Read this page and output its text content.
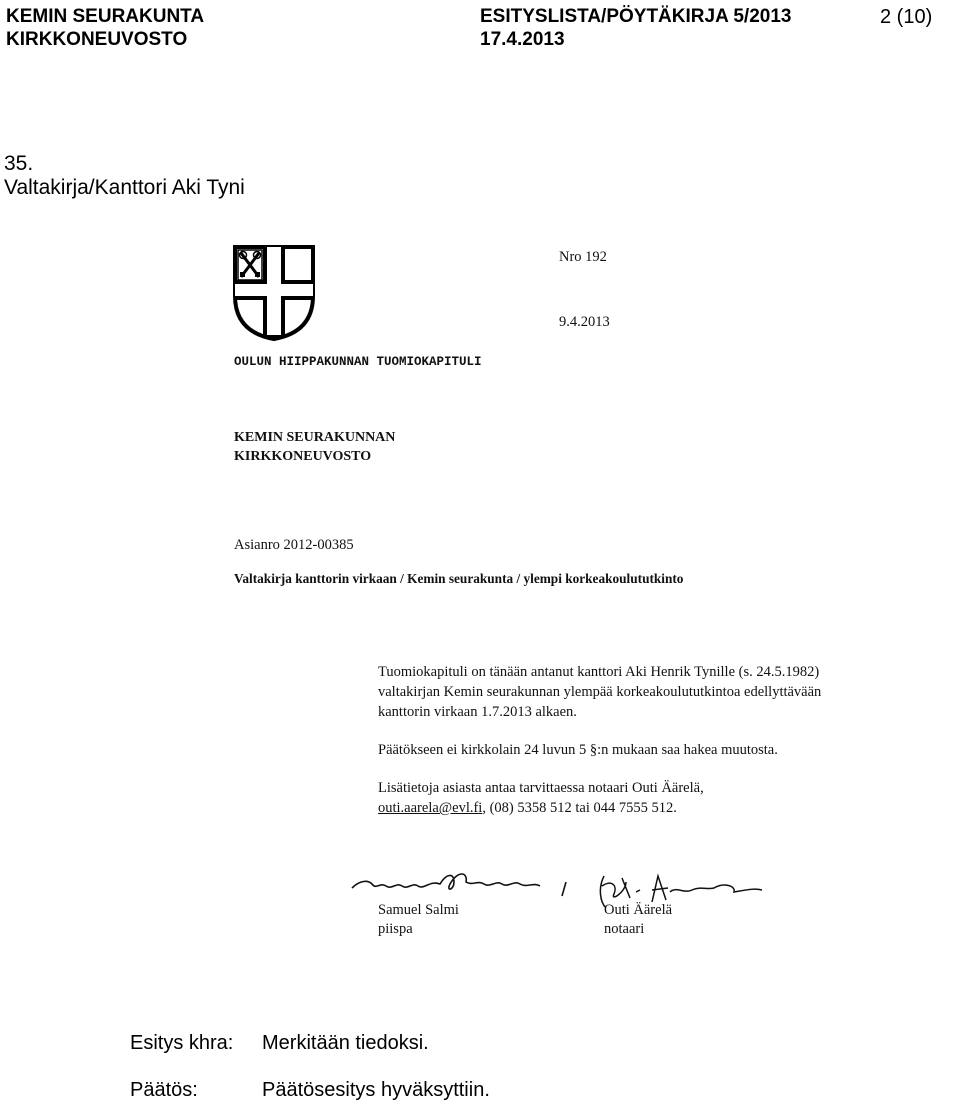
KEMIN SEURAKUNTA
KIRKKONEUVOSTO
ESITYSLISTA/PÖYTÄKIRJA 5/2013
17.4.2013
2 (10)
35.
Valtakirja/Kanttori Aki Tyni
Nro 192
9.4.2013
OULUN HIIPPAKUNNAN TUOMIOKAPITULI
KEMIN SEURAKUNNAN
KIRKKONEUVOSTO
Asianro 2012-00385
Valtakirja kanttorin virkaan / Kemin seurakunta / ylempi korkeakoulututkinto

Tuomiokapituli on tänään antanut kanttori Aki Henrik Tynille (s. 24.5.1982) valtakirjan Kemin seurakunnan ylempää korkeakoulututkintoa edellyttävään kanttorin virkaan 1.7.2013 alkaen.

Päätökseen ei kirkkolain 24 luvun 5 §:n mukaan saa hakea muutosta.

Lisätietoja asiasta antaa tarvittaessa notaari Outi Äärelä,
outi.aarela@evl.fi, (08) 5358 512 tai 044 7555 512.

Samuel Salmi
piispa
Outi Äärelä
notaari
Esitys khra: Merkitään tiedoksi.
Päätös:	Päätösesitys hyväksyttiin.
